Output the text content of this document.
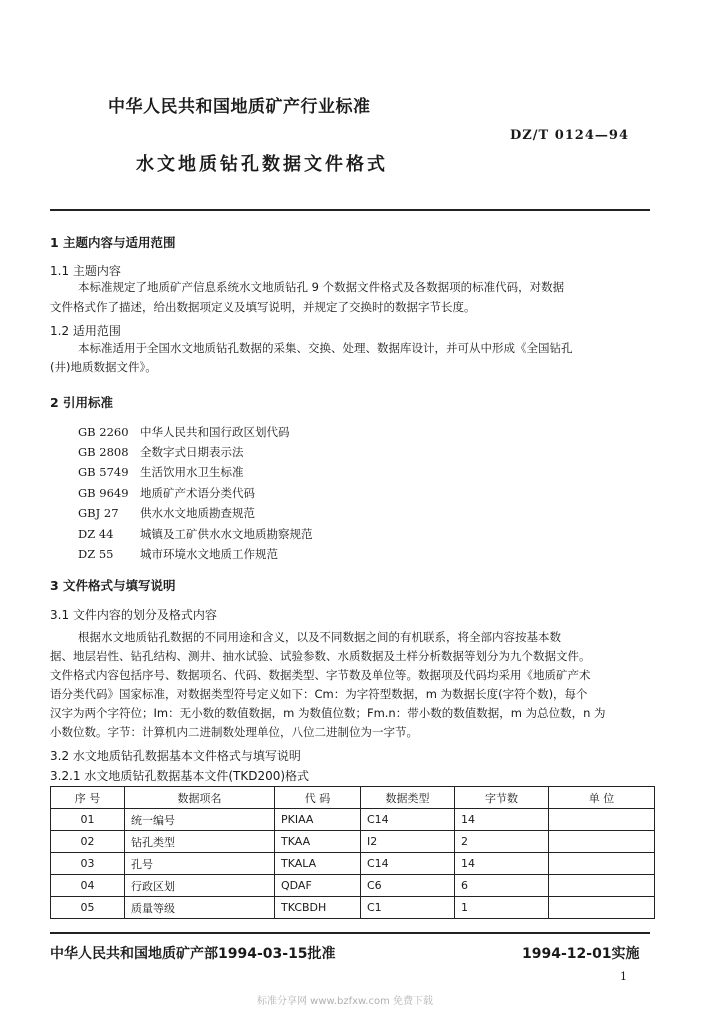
中华人民共和国地质矿产行业标准
DZ/T 0124—94
水文地质钻孔数据文件格式
1 主题内容与适用范围
1.1 主题内容
本标准规定了地质矿产信息系统水文地质钻孔 9 个数据文件格式及各数据项的标准代码，对数据
文件格式作了描述，给出数据项定义及填写说明，并规定了交换时的数据字节长度。
1.2 适用范围
本标准适用于全国水文地质钻孔数据的采集、交换、处理、数据库设计，并可从中形成《全国钻孔
(井)地质数据文件》。
2 引用标准
GB 2260 中华人民共和国行政区划代码
GB 2808 全数字式日期表示法
GB 5749 生活饮用水卫生标准
GB 9649 地质矿产术语分类代码
GBJ 27 供水水文地质勘查规范
DZ 44 城镇及工矿供水水文地质勘察规范
DZ 55 城市环境水文地质工作规范
3 文件格式与填写说明
3.1 文件内容的划分及格式内容
根据水文地质钻孔数据的不同用途和含义，以及不同数据之间的有机联系，将全部内容按基本数
据、地层岩性、钻孔结构、测井、抽水试验、试验参数、水质数据及土样分析数据等划分为九个数据文件。
文件格式内容包括序号、数据项名、代码、数据类型、字节数及单位等。数据项及代码均采用《地质矿产术
语分类代码》国家标准，对数据类型符号定义如下：Cm：为字符型数据，m 为数据长度(字符个数)，每个
汉字为两个字符位；Im：无小数的数值数据，m 为数值位数；Fm.n：带小数的数值数据，m 为总位数，n 为
小数位数。字节：计算机内二进制数处理单位，八位二进制位为一字节。
3.2 水文地质钻孔数据基本文件格式与填写说明
3.2.1 水文地质钻孔数据基本文件(TKD200)格式
序 号	数据项名	代 码	数据类型	字节数	单 位
01	统一编号	PKIAA	C14	14	
02	钻孔类型	TKAA	I2	2	
03	孔号	TKALA	C14	14	
04	行政区划	QDAF	C6	6	
05	质量等级	TKCBDH	C1	1	
中华人民共和国地质矿产部1994-03-15批准	1994-12-01实施
1
标准分享网 www.bzfxw.com 免费下载
